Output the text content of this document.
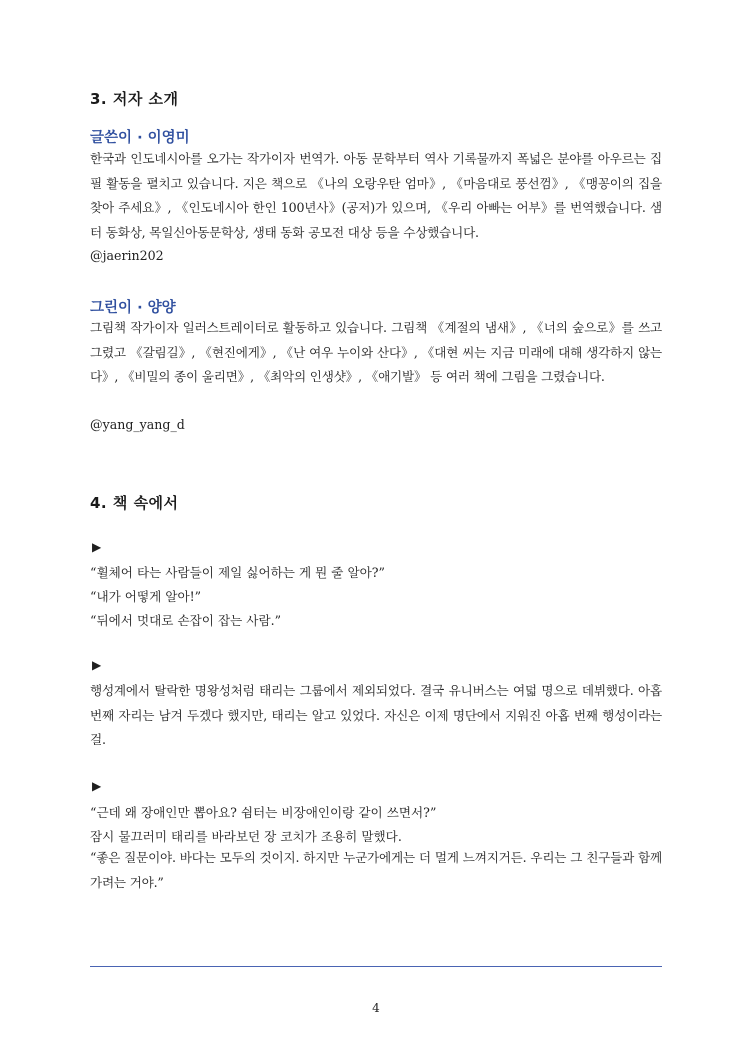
3. 저자 소개
글쓴이 · 이영미

한국과 인도네시아를 오가는 작가이자 번역가. 아동 문학부터 역사 기록물까지 폭넓은 분야를 아우르는 집필 활동을 펼치고 있습니다. 지은 책으로 《나의 오랑우탄 엄마》, 《마음대로 풍선껌》, 《맹꽁이의 집을 찾아 주세요》, 《인도네시아 한인 100년사》(공저)가 있으며, 《우리 아빠는 어부》를 번역했습니다. 샘터 동화상, 목일신아동문학상, 생태 동화 공모전 대상 등을 수상했습니다.

@jaerin202
그린이 · 양양

그림책 작가이자 일러스트레이터로 활동하고 있습니다. 그림책 《계절의 냄새》, 《너의 숲으로》를 쓰고 그렸고 《갈림길》, 《현진에게》, 《난 여우 누이와 산다》, 《대현 씨는 지금 미래에 대해 생각하지 않는다》, 《비밀의 종이 울리면》, 《최악의 인생샷》, 《애기발》 등 여러 책에 그림을 그렸습니다.

@yang_yang_d
4. 책 속에서
▶
“휠체어 타는 사람들이 제일 싫어하는 게 뭔 줄 알아?”
“내가 어떻게 알아!”
“뒤에서 멋대로 손잡이 잡는 사람.”
▶

행성계에서 탈락한 명왕성처럼 태리는 그룹에서 제외되었다. 결국 유니버스는 여덟 명으로 데뷔했다. 아홉 번째 자리는 남겨 두겠다 했지만, 태리는 알고 있었다. 자신은 이제 명단에서 지워진 아홉 번째 행성이라는 걸.

▶
“근데 왜 장애인만 뽑아요? 쉼터는 비장애인이랑 같이 쓰면서?”
잠시 물끄러미 태리를 바라보던 장 코치가 조용히 말했다.

“좋은 질문이야. 바다는 모두의 것이지. 하지만 누군가에게는 더 멀게 느껴지거든. 우리는 그 친구들과 함께 가려는 거야.”

4
